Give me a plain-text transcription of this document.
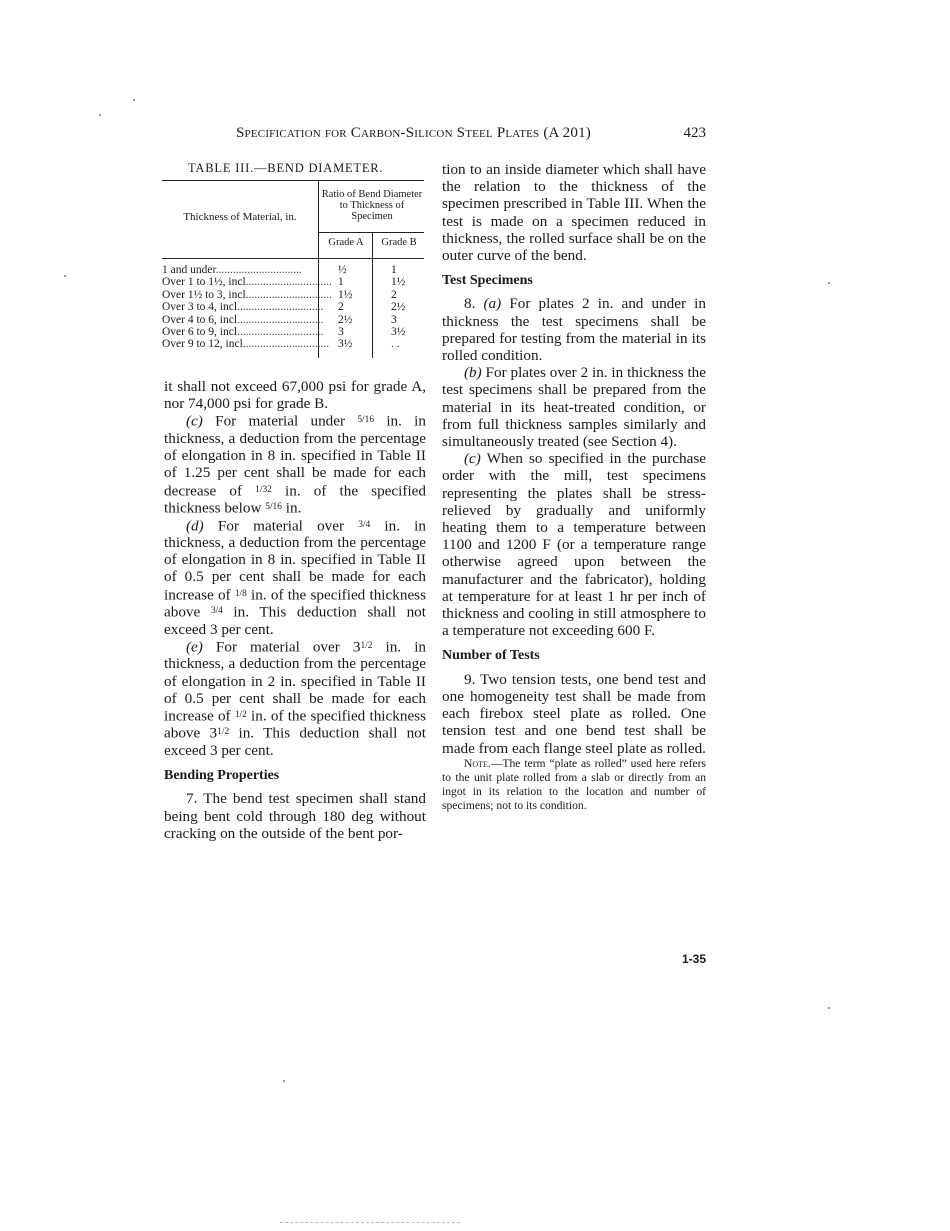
Specification for Carbon-Silicon Steel Plates (A 201)	423
TABLE III.—BEND DIAMETER.
Thickness of Material, in.
Ratio of Bend Diameter to Thickness of Specimen
Grade A	Grade B
1 and under..............................	½	1
Over 1 to 1½, incl.............................. 1	1½
Over 1½ to 3, incl.............................. 1½	2
Over 3 to 4, incl.............................. 2	2½
Over 4 to 6, incl.............................. 2½	3
Over 6 to 9, incl.............................. 3	3½
Over 9 to 12, incl.............................. 3½	. .

it shall not exceed 67,000 psi for grade A, nor 74,000 psi for grade B.

(c) For material under $^{5/16}$ in. in thickness, a deduction from the percentage of elongation in 8 in. specified in Table II of 1.25 per cent shall be made for each decrease of $^{1/32}$ in. of the specified thickness below $^{5/16}$ in.

(d) For material over $^{3/4}$ in. in thickness, a deduction from the percentage of elongation in 8 in. specified in Table II of 0.5 per cent shall be made for each increase of $^{1/8}$ in. of the specified thickness above $^{3/4}$ in. This deduction shall not exceed 3 per cent.

(e) For material over $3^{1/2}$ in. in thickness, a deduction from the percentage of elongation in 2 in. specified in Table II of 0.5 per cent shall be made for each increase of $^{1/2}$ in. of the specified thickness above $3^{1/2}$ in. This deduction shall not exceed 3 per cent.

Bending Properties

7. The bend test specimen shall stand being bent cold through 180 deg without cracking on the outside of the bent por-

tion to an inside diameter which shall have the relation to the thickness of the specimen prescribed in Table III. When the test is made on a specimen reduced in thickness, the rolled surface shall be on the outer curve of the bend.

Test Specimens

8. (a) For plates 2 in. and under in thickness the test specimens shall be prepared for testing from the material in its rolled condition.

(b) For plates over 2 in. in thickness the test specimens shall be prepared from the material in its heat-treated condition, or from full thickness samples similarly and simultaneously treated (see Section 4).

(c) When so specified in the purchase order with the mill, test specimens representing the plates shall be stress-relieved by gradually and uniformly heating them to a temperature between 1100 and 1200 F (or a temperature range otherwise agreed upon between the manufacturer and the fabricator), holding at temperature for at least 1 hr per inch of thickness and cooling in still atmosphere to a temperature not exceeding 600 F.

Number of Tests

9. Two tension tests, one bend test and one homogeneity test shall be made from each firebox steel plate as rolled. One tension test and one bend test shall be made from each flange steel plate as rolled.

Note.—The term “plate as rolled” used here refers to the unit plate rolled from a slab or directly from an ingot in its relation to the location and number of specimens; not to its condition.

1-35
